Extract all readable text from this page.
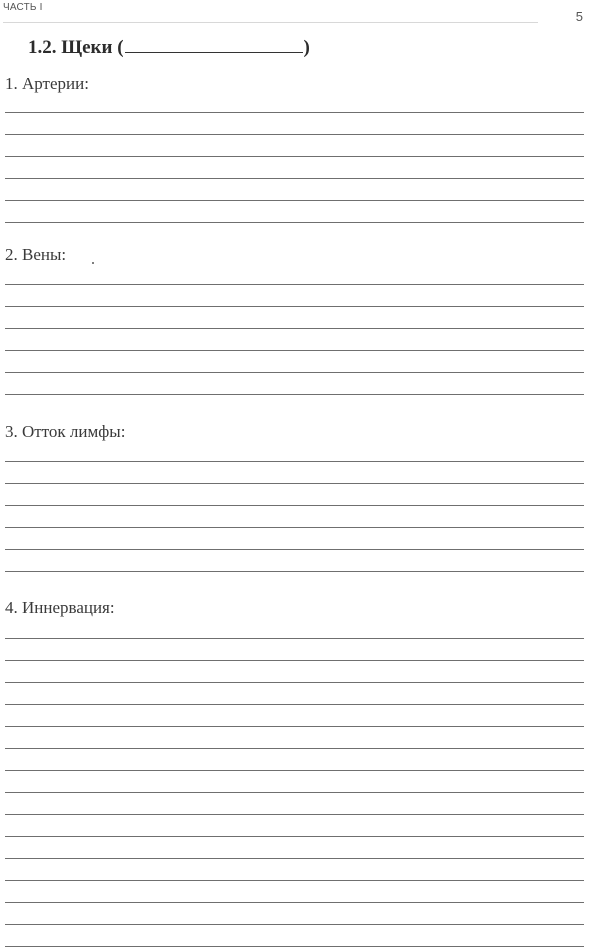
ЧАСТЬ I
5
1.2. Щеки (	)
1. Артерии:
2. Вены:
3. Отток лимфы:
4. Иннервация:
